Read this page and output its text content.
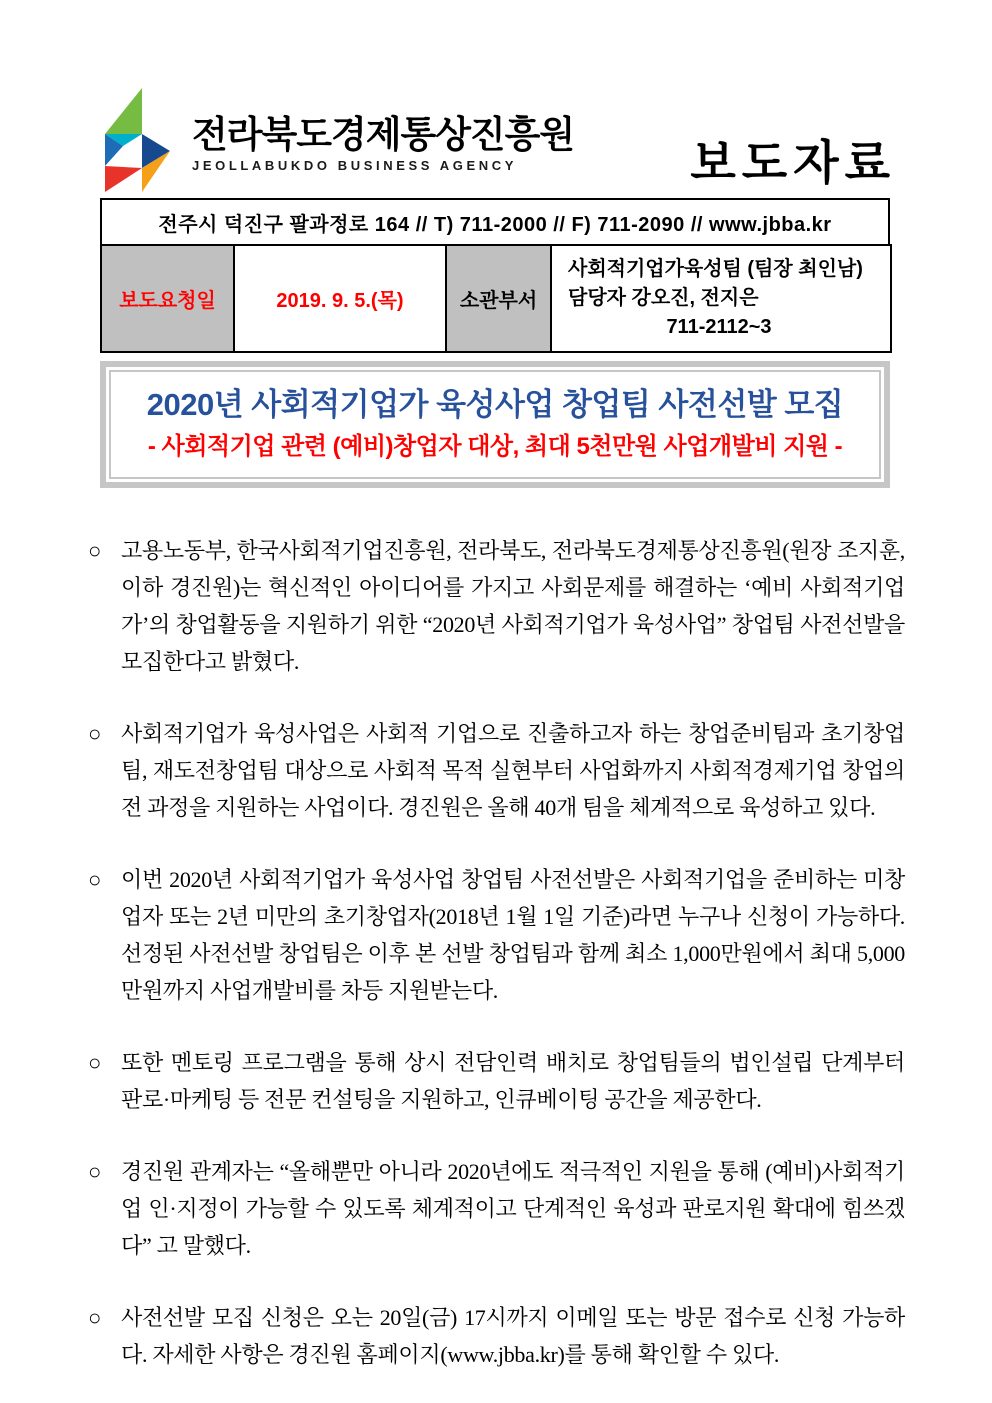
전라북도경제통상진흥원
JEOLLABUKDO BUSINESS AGENCY	보도자료
전주시 덕진구 팔과정로 164 // T) 711-2000 // F) 711-2090 // www.jbba.kr
보도요청일	2019. 9. 5.(목)	소관부서	
사회적기업가육성팀 (팀장 최인남)
담당자 강오진, 전지은
711-2112~3
2020년 사회적기업가 육성사업 창업팀 사전선발 모집
- 사회적기업 관련 (예비)창업자 대상, 최대 5천만원 사업개발비 지원 -
○ 고용노동부, 한국사회적기업진흥원, 전라북도, 전라북도경제통상진흥원(원장 조지훈, 이하 경진원)는 혁신적인 아이디어를 가지고 사회문제를 해결하는 ‘예비 사회적기업가’의 창업활동을 지원하기 위한 “2020년 사회적기업가 육성사업” 창업팀 사전선발을 모집한다고 밝혔다.
○ 사회적기업가 육성사업은 사회적 기업으로 진출하고자 하는 창업준비팀과 초기창업팀, 재도전창업팀 대상으로 사회적 목적 실현부터 사업화까지 사회적경제기업 창업의 전 과정을 지원하는 사업이다. 경진원은 올해 40개 팀을 체계적으로 육성하고 있다.
○ 이번 2020년 사회적기업가 육성사업 창업팀 사전선발은 사회적기업을 준비하는 미창업자 또는 2년 미만의 초기창업자(2018년 1월 1일 기준)라면 누구나 신청이 가능하다. 선정된 사전선발 창업팀은 이후 본 선발 창업팀과 함께 최소 1,000만원에서 최대 5,000만원까지 사업개발비를 차등 지원받는다.
○ 또한 멘토링 프로그램을 통해 상시 전담인력 배치로 창업팀들의 법인설립 단계부터 판로·마케팅 등 전문 컨설팅을 지원하고, 인큐베이팅 공간을 제공한다.
○ 경진원 관계자는 “올해뿐만 아니라 2020년에도 적극적인 지원을 통해 (예비)사회적기업 인·지정이 가능할 수 있도록 체계적이고 단계적인 육성과 판로지원 확대에 힘쓰겠다” 고 말했다.
○ 사전선발 모집 신청은 오는 20일(금) 17시까지 이메일 또는 방문 접수로 신청 가능하다. 자세한 사항은 경진원 홈페이지(www.jbba.kr)를 통해 확인할 수 있다.
